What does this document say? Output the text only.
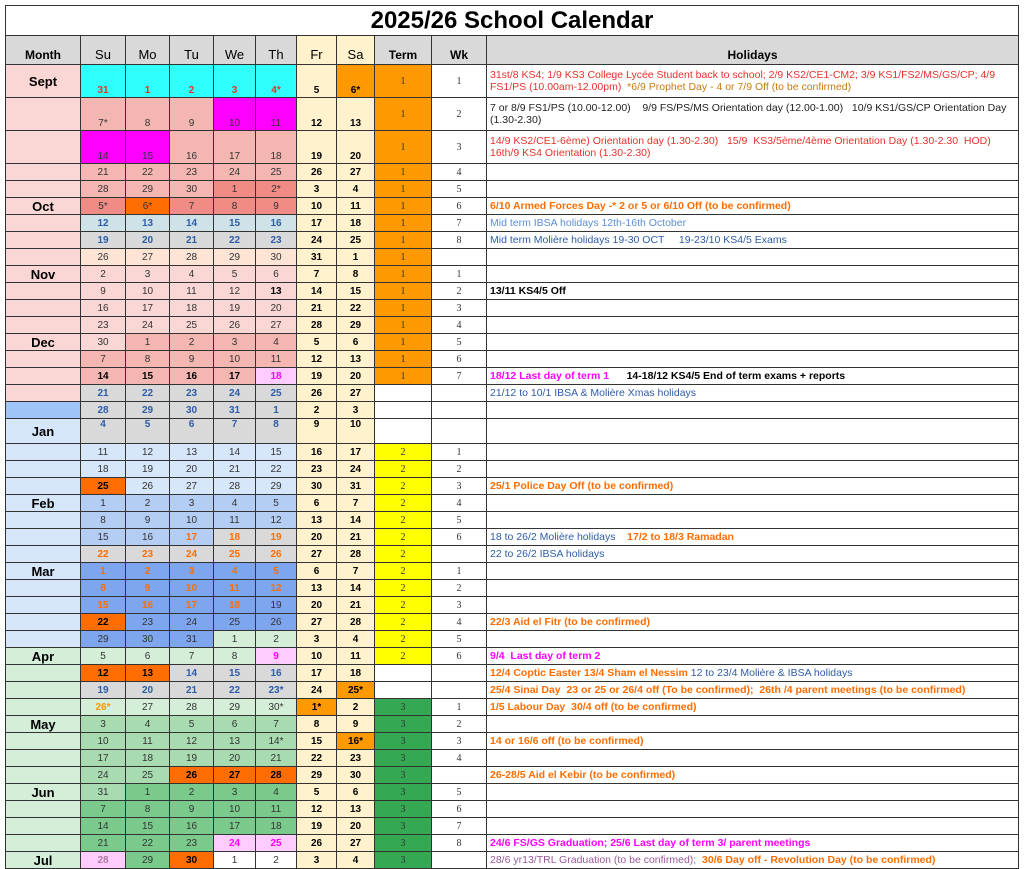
2025/26 School Calendar
Month	Su	Mo	Tu	We	Th	Fr	Sa	Term	Wk	Holidays
Sept	31	1	2	3	4*	5	6*	1	1	31st/8 KS4; 1/9 KS3 College Lycée Student back to school; 2/9 KS2/CE1-CM2; 3/9 KS1/FS2/MS/GS/CP; 4/9 FS1/PS (10.00am-12.00pm)  *6/9 Prophet Day - 4 or 7/9 Off (to be confirmed)
	7*	8	9	10	11	12	13	1	2	7 or 8/9 FS1/PS (10.00-12.00)    9/9 FS/PS/MS Orientation day (12.00-1.00)   10/9 KS1/GS/CP Orientation Day (1.30-2.30)
	14	15	16	17	18	19	20	1	3	14/9 KS2/CE1-6ème) Orientation day (1.30-2.30)   15/9  KS3/5ème/4ème Orientation Day (1.30-2.30  HOD) 16th/9 KS4 Orientation (1.30-2.30)
	21	22	23	24	25	26	27	1	4	
	28	29	30	1	2*	3	4	1	5	
Oct	5*	6*	7	8	9	10	11	1	6	6/10 Armed Forces Day -* 2 or 5 or 6/10 Off (to be confirmed)
	12	13	14	15	16	17	18	1	7	Mid term IBSA holidays 12th-16th October
	19	20	21	22	23	24	25	1	8	Mid term Molière holidays 19-30 OCT     19-23/10 KS4/5 Exams
	26	27	28	29	30	31	1	1		
Nov	2	3	4	5	6	7	8	1	1	
	9	10	11	12	13	14	15	1	2	13/11 KS4/5 Off
	16	17	18	19	20	21	22	1	3	
	23	24	25	26	27	28	29	1	4	
Dec	30	1	2	3	4	5	6	1	5	
	7	8	9	10	11	12	13	1	6	
	14	15	16	17	18	19	20	1	7	18/12 Last day of term 1      14-18/12 KS4/5 End of term exams + reports
	21	22	23	24	25	26	27			21/12 to 10/1 IBSA & Molière Xmas holidays
	28	29	30	31	1	2	3			
Jan	4	5	6	7	8	9	10			
	11	12	13	14	15	16	17	2	1	
	18	19	20	21	22	23	24	2	2	
	25	26	27	28	29	30	31	2	3	25/1 Police Day Off (to be confirmed)
Feb	1	2	3	4	5	6	7	2	4	
	8	9	10	11	12	13	14	2	5	
	15	16	17	18	19	20	21	2	6	18 to 26/2 Molière holidays    17/2 to 18/3 Ramadan
	22	23	24	25	26	27	28	2		22 to 26/2 IBSA holidays
Mar	1	2	3	4	5	6	7	2	1	
	8	9	10	11	12	13	14	2	2	
	15	16	17	18	19	20	21	2	3	
	22	23	24	25	26	27	28	2	4	22/3 Aid el Fitr (to be confirmed)
	29	30	31	1	2	3	4	2	5	
Apr	5	6	7	8	9	10	11	2	6	9/4  Last day of term 2
	12	13	14	15	16	17	18			12/4 Coptic Easter 13/4 Sham el Nessim 12 to 23/4 Molière & IBSA holidays
	19	20	21	22	23*	24	25*			25/4 Sinai Day  23 or 25 or 26/4 off (To be confirmed);  26th /4 parent meetings (to be confirmed)
	26*	27	28	29	30*	1*	2	3	1	1/5 Labour Day  30/4 off (to be confirmed)
May	3	4	5	6	7	8	9	3	2	
	10	11	12	13	14*	15	16*	3	3	14 or 16/6 off (to be confirmed)
	17	18	19	20	21	22	23	3	4	
	24	25	26	27	28	29	30	3		26-28/5 Aid el Kebir (to be confirmed)
Jun	31	1	2	3	4	5	6	3	5	
	7	8	9	10	11	12	13	3	6	
	14	15	16	17	18	19	20	3	7	
	21	22	23	24	25	26	27	3	8	24/6 FS/GS Graduation; 25/6 Last day of term 3/ parent meetings
Jul	28	29	30	1	2	3	4	3		28/6 yr13/TRL Graduation (to be confirmed);  30/6 Day off - Revolution Day (to be confirmed)
